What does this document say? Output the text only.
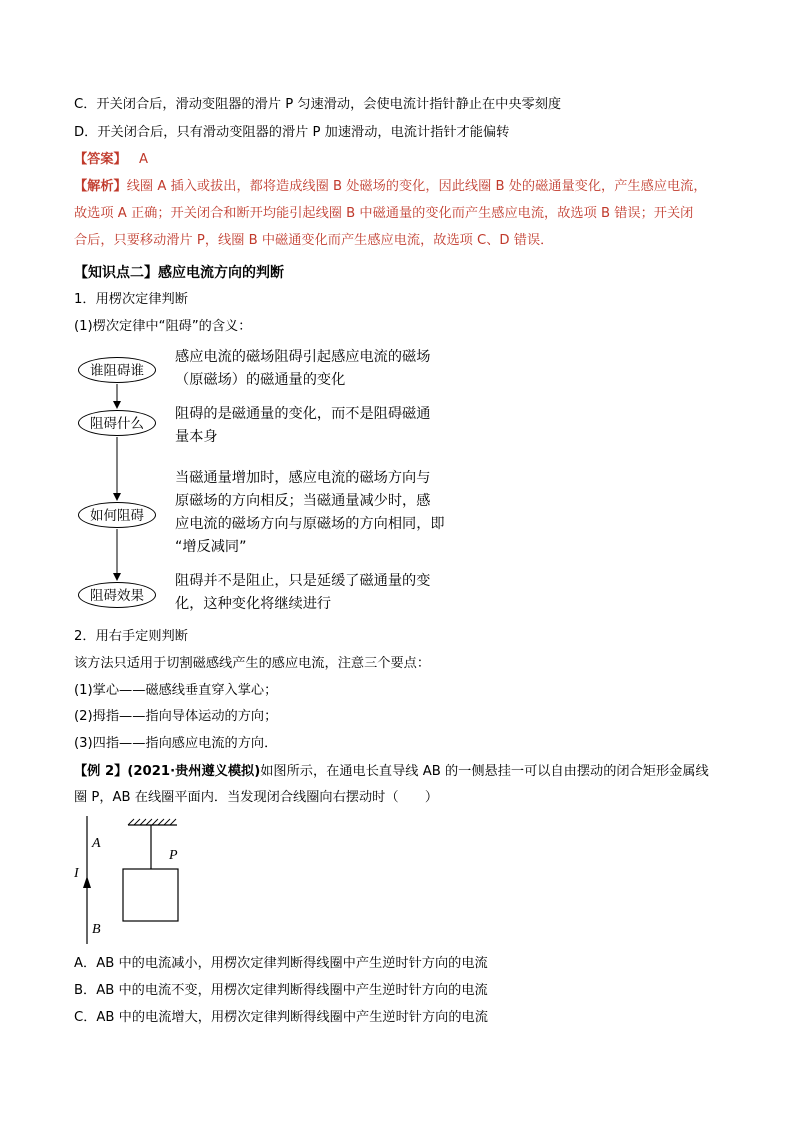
C．开关闭合后，滑动变阻器的滑片 P 匀速滑动，会使电流计指针静止在中央零刻度
D．开关闭合后，只有滑动变阻器的滑片 P 加速滑动，电流计指针才能偏转
【答案】 A
【解析】线圈 A 插入或拔出，都将造成线圈 B 处磁场的变化，因此线圈 B 处的磁通量变化，产生感应电流，
故选项 A 正确；开关闭合和断开均能引起线圈 B 中磁通量的变化而产生感应电流，故选项 B 错误；开关闭
合后，只要移动滑片 P，线圈 B 中磁通变化而产生感应电流，故选项 C、D 错误．
【知识点二】感应电流方向的判断
1．用楞次定律判断
(1)楞次定律中“阻碍”的含义：
谁阻碍谁
感应电流的磁场阻碍引起感应电流的磁场
（原磁场）的磁通量的变化
阻碍什么
阻碍的是磁通量的变化，而不是阻碍磁通
量本身
如何阻碍
当磁通量增加时，感应电流的磁场方向与
原磁场的方向相反；当磁通量减少时，感
应电流的磁场方向与原磁场的方向相同，即
“增反减同”
阻碍效果
阻碍并不是阻止，只是延缓了磁通量的变
化，这种变化将继续进行
2．用右手定则判断
该方法只适用于切割磁感线产生的感应电流，注意三个要点：
(1)掌心——磁感线垂直穿入掌心；
(2)拇指——指向导体运动的方向；
(3)四指——指向感应电流的方向．
【例 2】(2021·贵州遵义模拟)如图所示，在通电长直导线 AB 的一侧悬挂一可以自由摆动的闭合矩形金属线
圈 P，AB 在线圈平面内．当发现闭合线圈向右摆动时（　　）
A
B
I
P
A．AB 中的电流减小，用楞次定律判断得线圈中产生逆时针方向的电流
B．AB 中的电流不变，用楞次定律判断得线圈中产生逆时针方向的电流
C．AB 中的电流增大，用楞次定律判断得线圈中产生逆时针方向的电流
